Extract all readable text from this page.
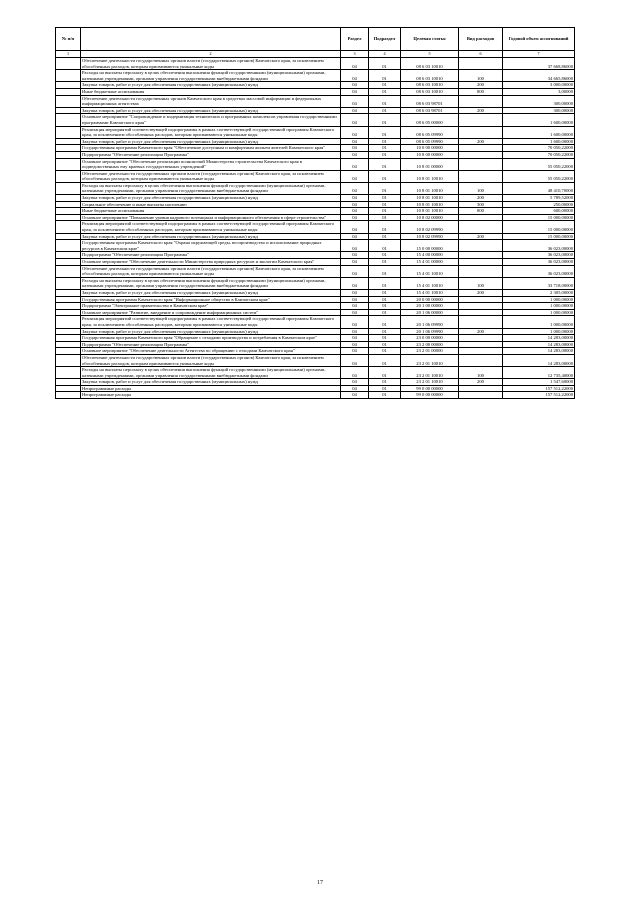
№ п/п		Раздел	Подраздел	Целевая статья	Вид расходов	Годовой объем ассигнований
1	2	3	4	5	6	7
	Обеспечение деятельности государственных органов власти (государственных органов) Камчатского края, за исключением обособленных расходов, которым присваиваются уникальные коды	04	01	08 6 03 10010		37 668,86000
	Расходы на выплаты персоналу в целях обеспечения выполнения функций государственными (муниципальными) органами, казенными учреждениями, органами управления государственными внебюджетными фондами	04	01	08 6 03 10010	100	34 665,86000
	Закупка товаров, работ и услуг для обеспечения государственных (муниципальных) нужд	04	01	08 6 03 10010	200	3 000,00000
	Иные бюджетные ассигнования	04	01	08 6 03 10010	800	3,00000
	Обеспечение деятельности государственных органов Камчатского края в средствах массовой информации и федеральных информационных агентствах	04	01	08 6 03 98701		300,00000
	Закупка товаров, работ и услуг для обеспечения государственных (муниципальных) нужд	04	01	08 6 03 98701	200	300,00000
	Основное мероприятие "Сопровождение и модернизация технических и программных комплексов управления государственными программами Камчатского края"	04	01	08 6 05 00000		1 600,00000
	Реализация мероприятий соответствующей подпрограммы в рамках соответствующей государственной программы Камчатского края, за исключением обособленных расходов, которым присваиваются уникальные коды	04	01	08 6 05 09990		1 600,00000
	Закупка товаров, работ и услуг для обеспечения государственных (муниципальных) нужд	04	01	08 6 05 09990	200	1 600,00000
	Государственная программа Камчатского края "Обеспечение доступным и комфортным жильем жителей Камчатского края"	04	01	10 0 00 00000		70 050,22000
	Подпрограмма "Обеспечение реализации Программы"	04	01	10 8 00 00000		70 050,22000
	Основное мероприятие "Обеспечение реализации полномочий Министерства строительства Камчатского края в подведомственных ему краевых государственных учреждений"	04	01	10 8 01 00000		55 050,22000
	Обеспечение деятельности государственных органов власти (государственных органов) Камчатского края, за исключением обособленных расходов, которым присваиваются уникальные коды	04	01	10 8 01 10010		55 050,22000
	Расходы на выплаты персоналу в целях обеспечения выполнения функций государственными (муниципальными) органами, казенными учреждениями, органами управления государственными внебюджетными фондами	04	01	10 8 01 10010	100	48 410,70000
	Закупка товаров, работ и услуг для обеспечения государственных (муниципальных) нужд	04	01	10 8 01 10010	200	5 789,52000
	Социальное обеспечение и иные выплаты населению	04	01	10 8 01 10010	300	250,00000
	Иные бюджетные ассигнования	04	01	10 8 01 10010	800	600,00000
	Основное мероприятие "Повышение уровня кадрового потенциала и информационного обеспечения в сфере строительства"	04	01	10 8 02 00000		15 000,00000
	Реализация мероприятий соответствующей подпрограммы в рамках соответствующей государственной программы Камчатского края, за исключением обособленных расходов, которым присваиваются уникальные коды	04	01	10 8 02 09990		15 000,00000
	Закупка товаров, работ и услуг для обеспечения государственных (муниципальных) нужд	04	01	10 8 02 09990	200	15 000,00000
	Государственная программа Камчатского края "Охрана окружающей среды, воспроизводство и использование природных ресурсов в Камчатском крае"	04	01	15 0 00 00000		36 023,00000
	Подпрограмма "Обеспечение реализации Программы"	04	01	15 4 00 00000		36 023,00000
	Основное мероприятие "Обеспечение деятельности Министерства природных ресурсов и экологии Камчатского края"	04	01	15 4 01 00000		36 023,00000
	Обеспечение деятельности государственных органов власти (государственных органов) Камчатского края, за исключением обособленных расходов, которым присваиваются уникальные коды	04	01	15 4 01 10010		36 023,00000
	Расходы на выплаты персоналу в целях обеспечения выполнения функций государственными (муниципальными) органами, казенными учреждениями, органами управления государственными внебюджетными фондами	04	01	15 4 01 10010	100	33 718,00000
	Закупка товаров, работ и услуг для обеспечения государственных (муниципальных) нужд	04	01	15 4 01 10010	200	2 305,00000
	Государственная программа Камчатского края "Информационное общество в Камчатском крае"	04	01	20 0 00 00000		1 000,00000
	Подпрограмма "Электронное правительство в Камчатском крае"	04	01	20 1 00 00000		1 000,00000
	Основное мероприятие "Развитие, внедрение и сопровождение информационных систем"	04	01	20 1 06 00000		1 000,00000
	Реализация мероприятий соответствующей подпрограммы в рамках соответствующей государственной программы Камчатского края, за исключением обособленных расходов, которым присваиваются уникальные коды	04	01	20 1 06 09990		1 000,00000
	Закупка товаров, работ и услуг для обеспечения государственных (муниципальных) нужд	04	01	20 1 06 09990	200	1 000,00000
	Государственная программа Камчатского края "Обращение с отходами производства и потребления в Камчатском крае"	04	01	23 0 00 00000		14 283,00000
	Подпрограмма "Обеспечение реализации Программы"	04	01	23 2 00 00000		14 283,00000
	Основное мероприятие "Обеспечение деятельности Агентства по обращению с отходами Камчатского края"	04	01	23 2 01 00000		14 283,00000
	Обеспечение деятельности государственных органов власти (государственных органов) Камчатского края, за исключением обособленных расходов, которым присваиваются уникальные коды	04	01	23 2 01 10010		14 283,00000
	Расходы на выплаты персоналу в целях обеспечения выполнения функций государственными (муниципальными) органами, казенными учреждениями, органами управления государственными внебюджетными фондами	04	01	23 2 01 10010	100	12 735,40000
	Закупка товаров, работ и услуг для обеспечения государственных (муниципальных) нужд	04	01	23 2 01 10010	200	1 547,60000
	Непрограммные расходы	04	01	99 0 00 00000		157 512,22000
	Непрограммные расходы	04	01	99 0 00 00000		157 512,22000
17
